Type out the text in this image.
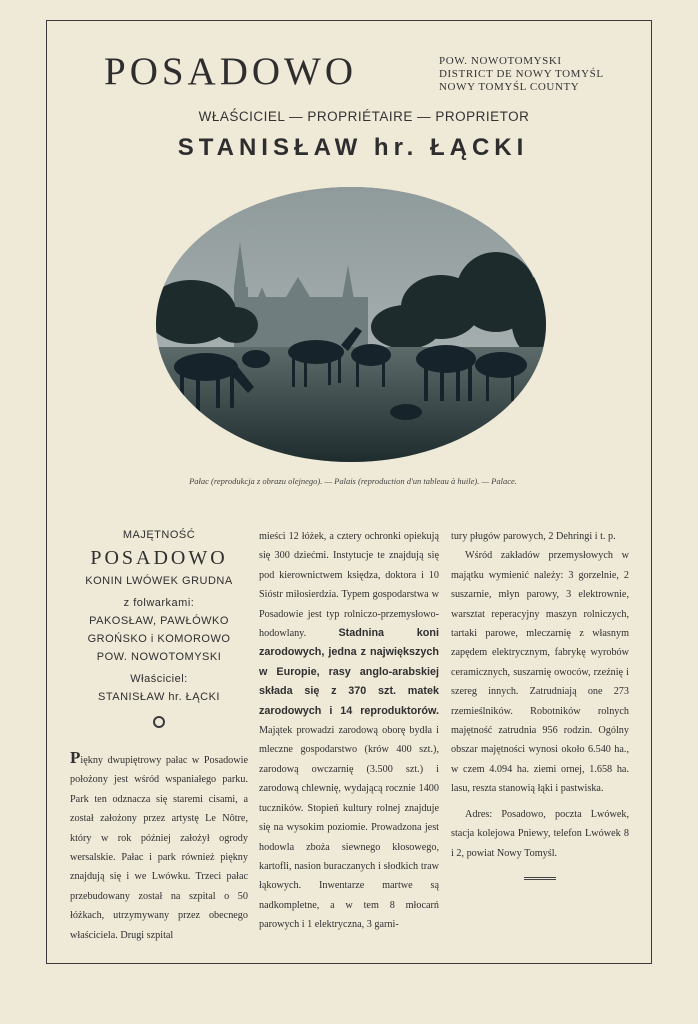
POSADOWO	POW. NOWOTOMYSKI
DISTRICT DE NOWY TOMYŚL
NOWY TOMYŚL COUNTY
WŁAŚCICIEL — PROPRIÉTAIRE — PROPRIETOR
STANISŁAW hr. ŁĄCKI
Pałac (reprodukcja z obrazu olejnego). — Palais (reproduction d'un tableau à huile). — Palace.
MAJĘTNOŚĆ
POSADOWO
KONIN LWÓWEK GRUDNA
z folwarkami:
PAKOSŁAW, PAWŁÓWKO
GROŃSKO i KOMOROWO
POW. NOWOTOMYSKI
Właściciel:
STANISŁAW hr. ŁĄCKI

Piękny dwupiętrowy pałac w Posadowie położony jest wśród wspaniałego parku. Park ten odznacza się staremi cisami, a został założony przez artystę Le Nôtre, który w rok później założył ogrody wersalskie. Pałac i park również piękny znajdują się i we Lwówku. Trzeci pałac przebudowany został na szpital o 50 łóżkach, utrzymywany przez obecnego właściciela. Drugi szpital

mieści 12 łóżek, a cztery ochronki opiekują się 300 dziećmi. Instytucje te znajdują się pod kierownictwem księdza, doktora i 10 Sióstr miłosierdzia. Typem gospodarstwa w Posadowie jest typ rolniczo-przemysłowo-hodowlany. Stadnina koni zarodowych, jedna z największych w Europie, rasy anglo-arabskiej składa się z 370 szt. matek zarodowych i 14 reproduktorów. Majątek prowadzi zarodową oborę bydła i mleczne gospodarstwo (krów 400 szt.), zarodową owczarnię (3.500 szt.) i zarodową chlewnię, wydającą rocznie 1400 tuczników. Stopień kultury rolnej znajduje się na wysokim poziomie. Prowadzona jest hodowla zboża siewnego kłosowego, kartofli, nasion buraczanych i słodkich traw łąkowych. Inwentarze martwe są nadkompletne, a w tem 8 młocarń parowych i 1 elektryczna, 3 garni-

tury pługów parowych, 2 Dehringi i t. p.

Wśród zakładów przemysłowych w majątku wymienić należy: 3 gorzelnie, 2 suszarnie, młyn parowy, 3 elektrownie, warsztat reperacyjny maszyn rolniczych, tartaki parowe, mleczarnię z własnym zapędem elektrycznym, fabrykę wyrobów ceramicznych, suszarnię owoców, rzeźnię i szereg innych. Zatrudniają one 273 rzemieślników. Robotników rolnych majętność zatrudnia 956 rodzin. Ogólny obszar majętności wynosi około 6.540 ha., w czem 4.094 ha. ziemi ornej, 1.658 ha. lasu, reszta stanowią łąki i pastwiska.

Adres: Posadowo, poczta Lwówek, stacja kolejowa Pniewy, telefon Lwówek 8 i 2, powiat Nowy Tomyśl.
